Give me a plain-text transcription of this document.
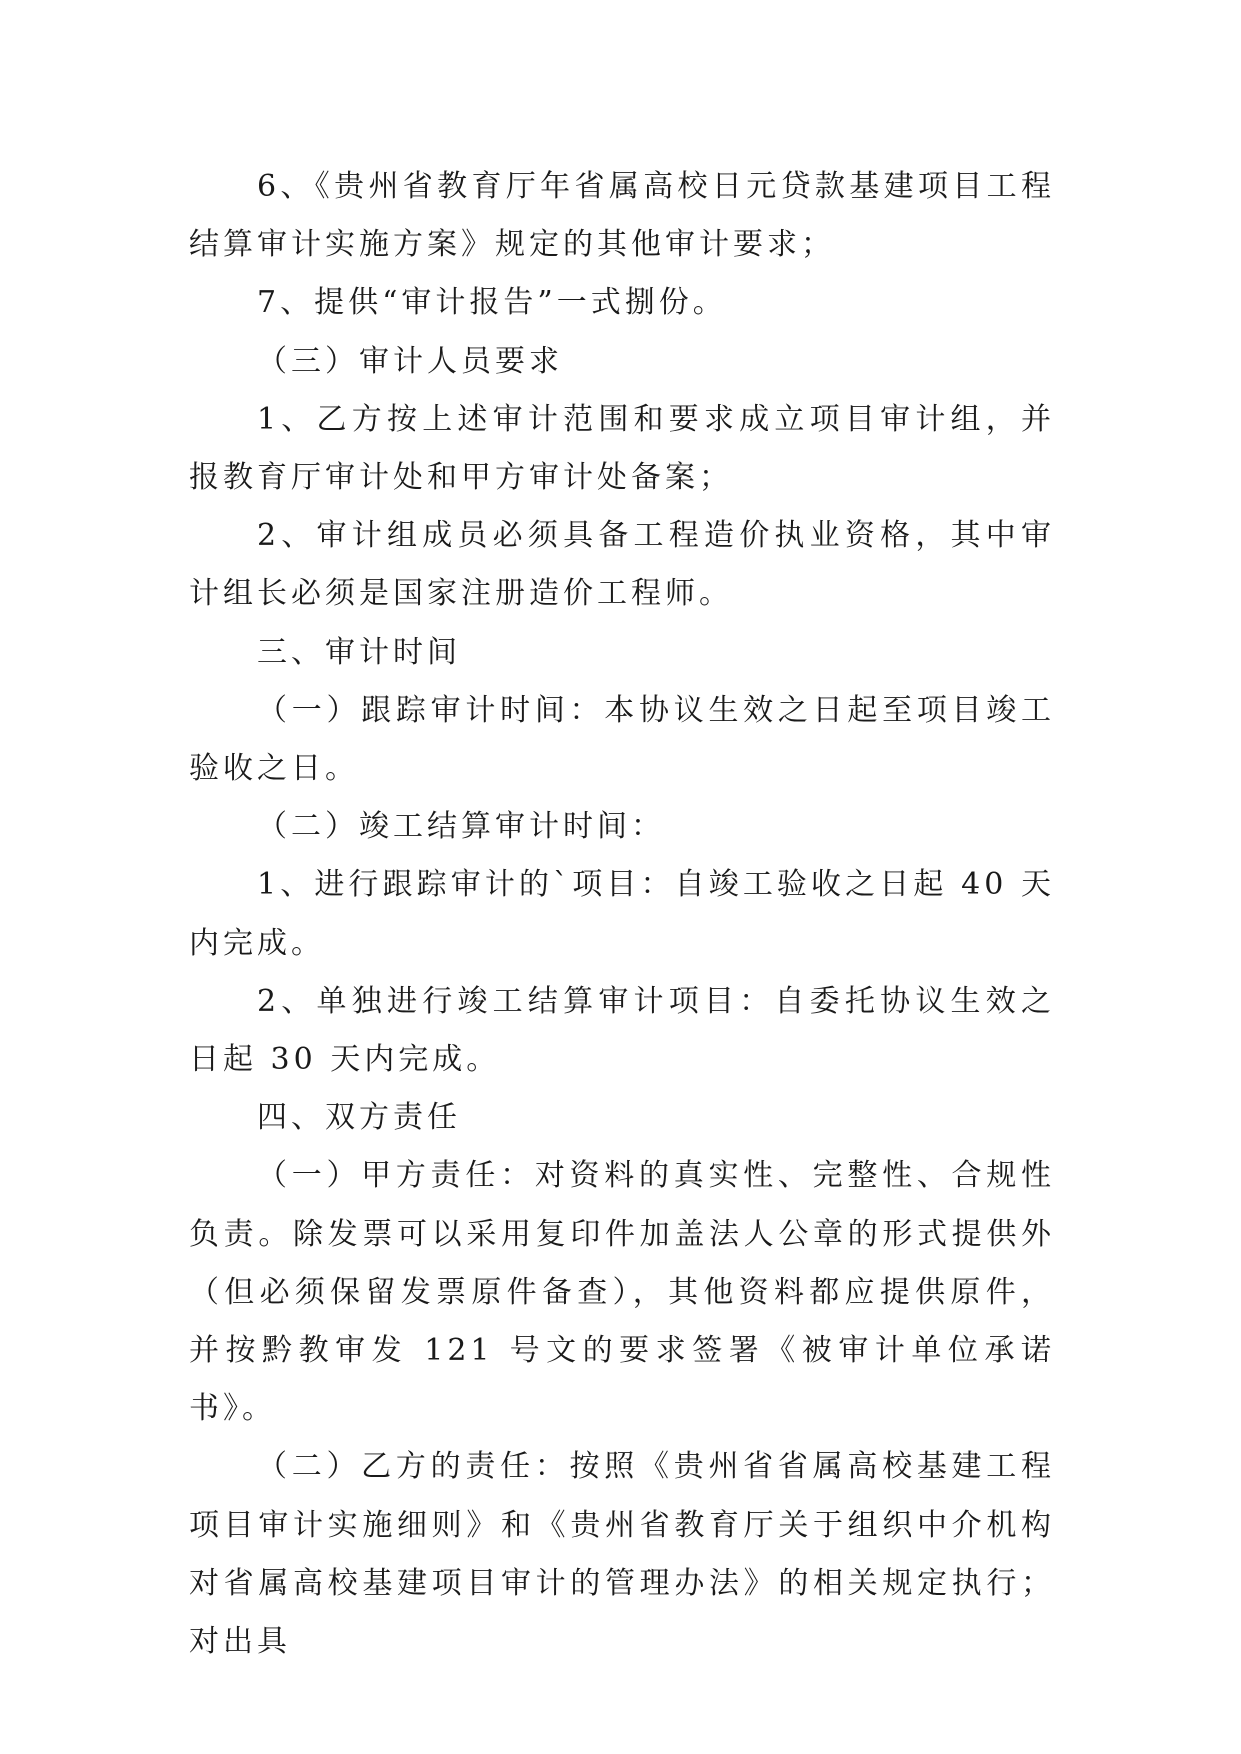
6、《贵州省教育厅年省属高校日元贷款基建项目工程结算审计实施方案》规定的其他审计要求；

7、提供“审计报告”一式捌份。

（三）审计人员要求

1、乙方按上述审计范围和要求成立项目审计组，并报教育厅审计处和甲方审计处备案；

2、审计组成员必须具备工程造价执业资格，其中审计组长必须是国家注册造价工程师。

三、审计时间

（一）跟踪审计时间：本协议生效之日起至项目竣工验收之日。

（二）竣工结算审计时间：

1、进行跟踪审计的`项目：自竣工验收之日起 40 天内完成。

2、单独进行竣工结算审计项目：自委托协议生效之日起 30 天内完成。

四、双方责任

（一）甲方责任：对资料的真实性、完整性、合规性负责。除发票可以采用复印件加盖法人公章的形式提供外（但必须保留发票原件备查），其他资料都应提供原件，并按黔教审发 121 号文的要求签署《被审计单位承诺书》。

（二）乙方的责任：按照《贵州省省属高校基建工程项目审计实施细则》和《贵州省教育厅关于组织中介机构对省属高校基建项目审计的管理办法》的相关规定执行；对出具
